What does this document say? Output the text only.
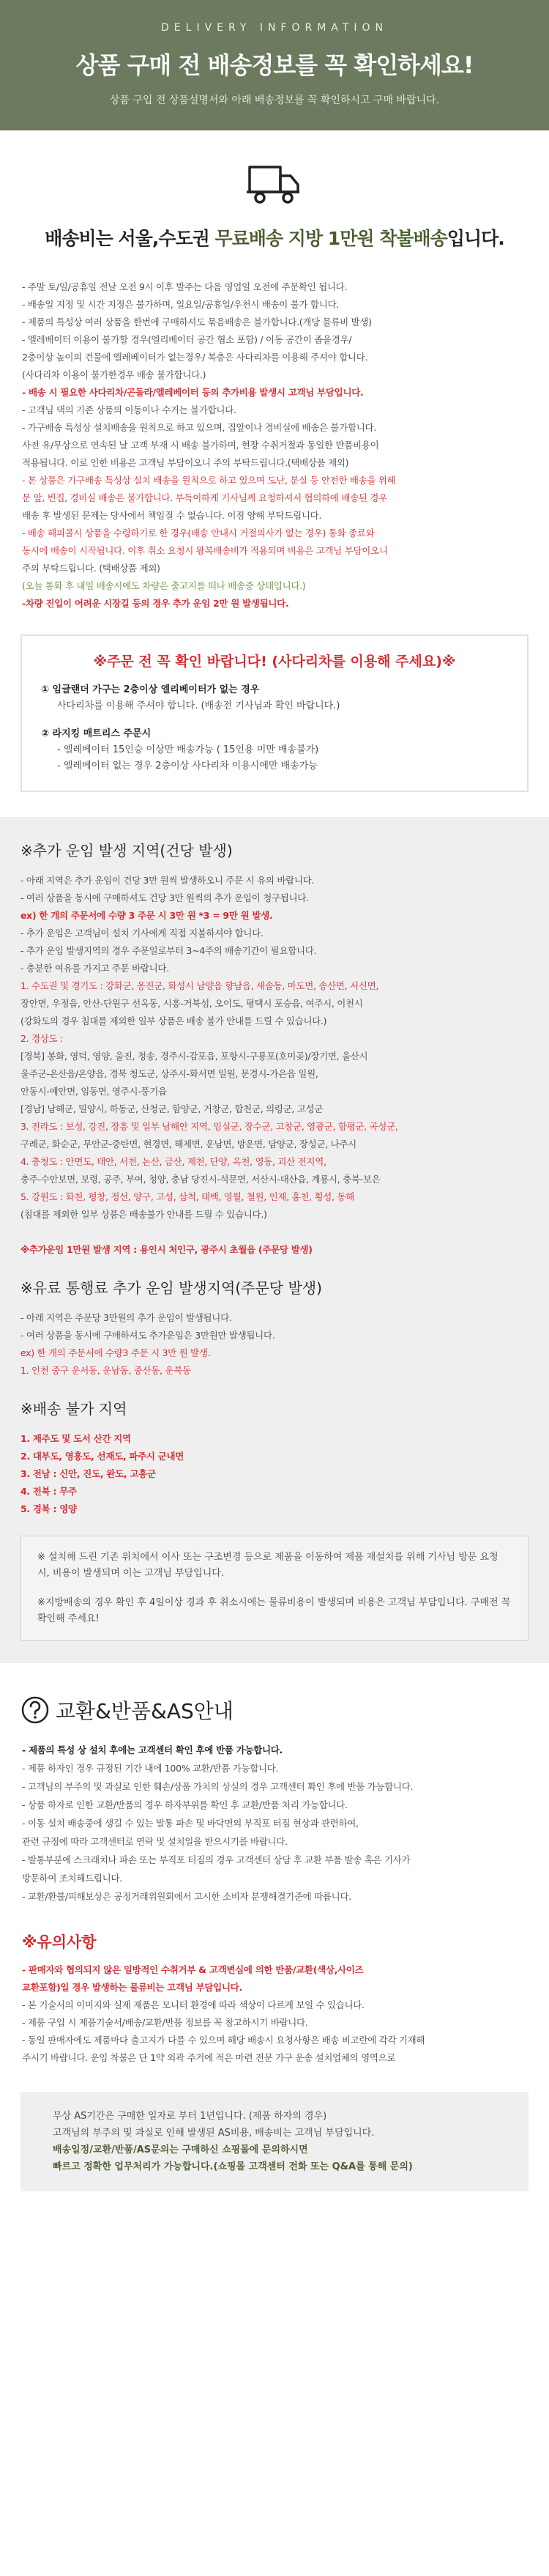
DELIVERY INFORMATION
상품 구매 전 배송정보를 꼭 확인하세요!
상품 구입 전 상품설명서와 아래 배송정보를 꼭 확인하시고 구매 바랍니다.
배송비는 서울,수도권 무료배송 지방 1만원 착불배송입니다.
- 주말 토/일/공휴일 전날 오전 9시 이후 발주는 다음 영업일 오전에 주문확인 됩니다.
- 배송일 지정 및 시간 지정은 불가하며, 일요일/공휴일/우천시 배송이 불가 합니다.
- 제품의 특성상 여러 상품을 한번에 구매하셔도 묶음배송은 불가합니다.(개당 물류비 발생)
- 엘레베이터 이용이 불가할 경우(엘리베이터 공간 협소 포함) / 이동 공간이 좁을경우/
2층이상 높이의 건물에 엘레베이터가 없는경우/ 복층은 사다리차를 이용해 주셔야 합니다.
(사다리차 이용이 불가한경우 배송 불가합니다.)
- 배송 시 필요한 사다리차/곤돌라/엘레베이터 등의 추가비용 발생시 고객님 부담입니다.
- 고객님 댁의 기존 상품의 이동이나 수거는 불가합니다.
- 가구배송 특성상 설치배송을 원칙으로 하고 있으며, 집앞이나 경비실에 배송은 불가합니다.
사전 유/무상으로 연속된 날 고객 부재 시 배송 불가하며, 현장 수취거절과 동일한 반품비용이
적용됩니다. 이로 인한 비용은 고객님 부담이오니 주의 부탁드립니다.(택배상품 제외)
- 본 상품은 가구배송 특성상 설치 배송을 원칙으로 하고 있으며 도난, 분실 등 안전한 배송을 위해
문 앞, 빈집, 경비실 배송은 불가합니다. 부득이하게 기사님께 요청하셔서 협의하에 배송된 경우
배송 후 발생된 문제는 당사에서 책임질 수 없습니다. 이점 양해 부탁드립니다.
- 배송 해피콜시 상품을 수령하기로 한 경우(배송 안내시 거절의사가 없는 경우) 통화 종료와
동시에 배송이 시작됩니다. 이후 취소 요청시 왕복배송비가 적용되며 비용은 고객님 부담이오니
주의 부탁드립니다. (택배상품 제외)
(오늘 통화 후 내일 배송시에도 차량은 출고지를 떠나 배송중 상태입니다.)
-차량 진입이 어려운 시장길 등의 경우 추가 운임 2만 원 발생됩니다.
※주문 전 꼭 확인 바랍니다! (사다리차를 이용해 주세요)※
① 임글랜더 가구는 2층이상 엘리베이터가 없는 경우
사다리차를 이용해 주셔야 합니다. (배송전 기사님과 확인 바랍니다.)
② 라지킹 매트리스 주문시
- 엘레베이터 15인승 이상만 배송가능 ( 15인용 미만 배송불가)
- 엘레베이터 없는 경우 2층이상 사다리차 이용시에만 배송가능
※추가 운임 발생 지역(건당 발생)
- 아래 지역은 추가 운임이 건당 3만 원씩 발생하오니 주문 시 유의 바랍니다.
- 여러 상품을 동시에 구매하셔도 건당 3만 원씩의 추가 운임이 청구됩니다.
ex) 한 개의 주문서에 수량 3 주문 시 3만 원 *3 = 9만 원 발생.
- 추가 운임은 고객님이 설치 기사에게 직접 지불하셔야 합니다.
- 추가 운임 발생지역의 경우 주문일로부터 3~4주의 배송기간이 필요합니다.
- 충분한 여유를 가지고 주문 바랍니다.
1. 수도권 및 경기도 : 강화군, 옹진군, 화성시 남양읍 향남읍, 새솔동, 마도면, 송산면, 서신면,
장안면, 우정읍, 안산-단원구 선옥동, 시흥-거북섬, 오이도, 평택시 포승읍, 여주시, 이천시
(강화도의 경우 침대를 제외한 일부 상품은 배송 불가 안내를 드릴 수 있습니다.)
2. 경상도 :
[경북] 봉화, 영덕, 영양, 울진, 청송, 경주시-감포읍, 포항시-구룡포(호미곶)/장기면, 울산시
울주군-온산읍/온양읍, 경북 청도군, 상주시-화서면 일원, 문경시-가은읍 일원,
안동시-예안면, 임동면, 영주시-풍기읍
[경남] 남해군, 밀양시, 하동군, 산청군, 함양군, 거창군, 합천군, 의령군, 고성군
3. 전라도 : 보성, 강진, 장흥 및 일부 남해안 지역, 임실군, 장수군, 고창군, 영광군, 함평군, 곡성군,
구례군, 화순군, 무안군-중탄면, 현경면, 해제면, 운남면, 망운면, 담양군, 장성군, 나주시
4. 충청도 : 안면도, 태안, 서천, 논산, 금산, 제천, 단양, 옥천, 영동, 괴산 전지역,
충주-수안보면, 보령, 공주, 부여, 청양, 충남 당진시-석문면, 서산시-대산읍, 계룡시, 충북-보은
5. 강원도 : 화천, 평창, 정선, 양구, 고성, 삼척, 태백, 영월, 철원, 인제, 홍천, 횡성, 동해
(침대를 제외한 일부 상품은 배송불가 안내를 드릴 수 있습니다.)
※추가운임 1만원 발생 지역 : 용인시 처인구, 광주시 초월읍 (주문당 발생)
※유료 통행료 추가 운임 발생지역(주문당 발생)
- 아래 지역은 주문당 3만원의 추가 운임이 발생됩니다.
- 여러 상품을 동시에 구매하셔도 추가운임은 3만원만 발생됩니다.
ex) 한 개의 주문서에 수량3 주문 시 3만 원 발생.
1. 인천 중구 운서동, 운남동, 중산동, 운북동
※배송 불가 지역
1. 제주도 및 도서 산간 지역
2. 대부도, 영흥도, 선재도, 파주시 군내면
3. 전남 : 신안, 진도, 완도, 고흥군
4. 전북 : 무주
5. 경북 : 영양
※ 설치해 드린 기존 위치에서 이사 또는 구조변경 등으로 제품을 이동하여 제품 재설치를 위해 기사님 방문 요청 시, 비용이 발생되며 이는 고객님 부담입니다.
※지방배송의 경우 확인 후 4일이상 경과 후 취소시에는 물류비용이 발생되며 비용은 고객님 부담입니다. 구매전 꼭 확인해 주세요!
교환&반품&AS안내
- 제품의 특성 상 설치 후에는 고객센터 확인 후에 반품 가능합니다.
- 제품 하자인 경우 규정된 기간 내에 100% 교환/반품 가능합니다.
- 고객님의 부주의 및 과실로 인한 훼손/상품 가치의 상실의 경우 고객센터 확인 후에 반품 가능합니다.
- 상품 하자로 인한 교환/반품의 경우 하자부위를 확인 후 교환/반품 처리 가능합니다.
- 이동 설치 배송중에 생길 수 있는 발통 파손 및 바닥면의 부직포 터짐 현상과 관련하여,
관련 규정에 따라 고객센터로 연락 및 설치일을 받으시기를 바랍니다.
- 발통부분에 스크래치나 파손 또는 부직포 터짐의 경우 고객센터 상담 후 교환 부품 발송 혹은 기사가
방문하여 조치해드립니다.
- 교환/환불/피해보상은 공정거래위원회에서 고시한 소비자 분쟁해결기준에 따릅니다.
※유의사항
- 판매자와 협의되지 않은 일방적인 수취거부 & 고객변심에 의한 반품/교환(색상,사이즈
교환포함)일 경우 발생하는 물류비는 고객님 부담입니다.
- 본 기술서의 이미지와 실제 제품은 모니터 환경에 따라 색상이 다르게 보일 수 있습니다.
- 제품 구입 시 제품기술서/배송/교환/반품 정보를 꼭 참고하시기 바랍니다.
- 동일 판매자에도 제품마다 출고지가 다를 수 있으며 해당 배송시 요청사항은 배송 비고란에 각각 기재해
주시기 바랍니다. 운임 착불은 단 1약 외곽 주거에 적은 마련 전문 가구 운송 설치업체의 영역으로
무상 AS기간은 구매한 일자로 부터 1년입니다. (제품 하자의 경우)
고객님의 부주의 및 과실로 인해 발생된 AS비용, 배송비는 고객님 부담입니다.
배송일정/교환/반품/AS문의는 구매하신 쇼핑몰에 문의하시면
빠르고 정확한 업무처리가 가능합니다.(쇼핑몰 고객센터 전화 또는 Q&A를 통해 문의)
